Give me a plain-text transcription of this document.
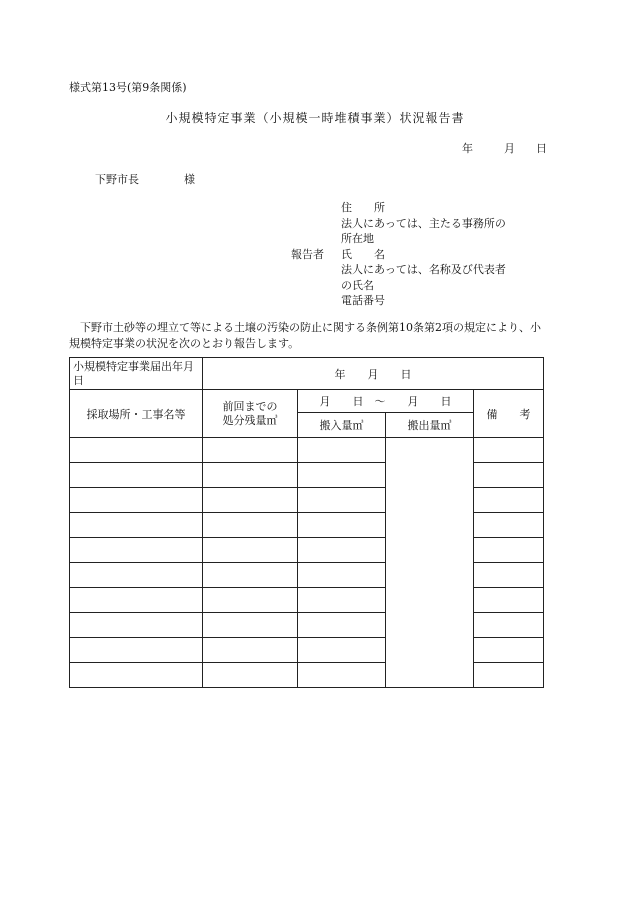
様式第13号(第9条関係)
小規模特定事業（小規模一時堆積事業）状況報告書
年	月 日
下野市長	様
報告者
住　　所
法人にあっては、主たる事務所の
所在地
氏　　名
法人にあっては、名称及び代表者
の氏名
電話番号
下野市土砂等の埋立て等による土壌の汚染の防止に関する条例第10条第2項の規定により、小規模特定事業の状況を次のとおり報告します。
小規模特定事業届出年月日	年　　月　　日			
採取場所・工事名等	前回までの処分残量㎥	月　　日　～　　月　　日		備　　考
		搬入量㎥	搬出量㎥	
